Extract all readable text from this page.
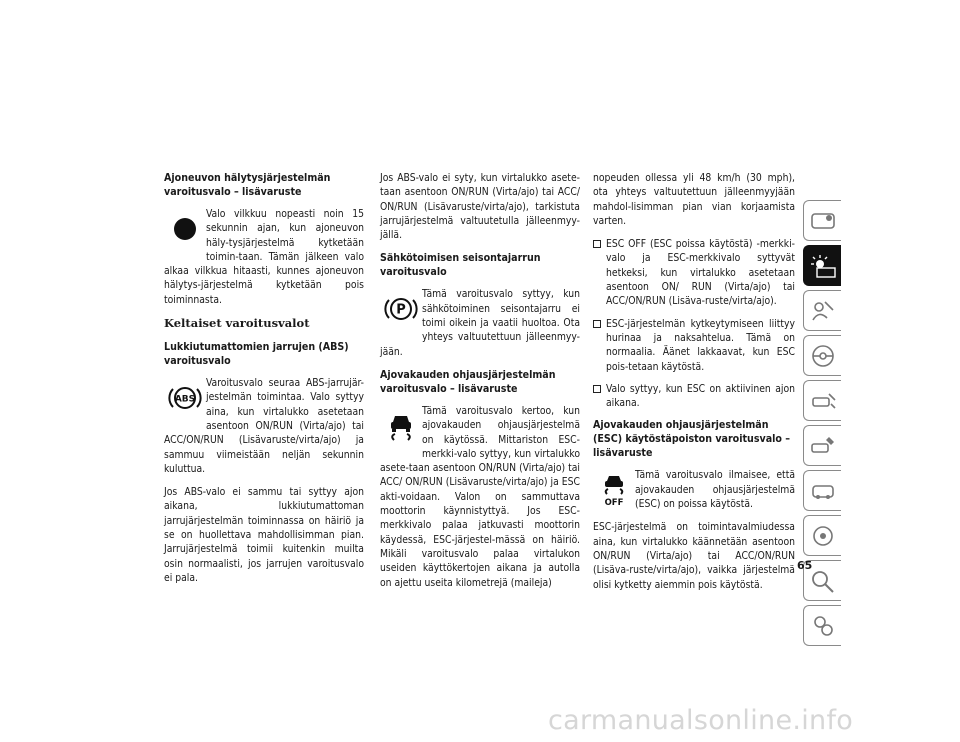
Ajoneuvon hälytysjärjestelmän varoitusvalo – lisävaruste

Valo vilkkuu nopeasti noin 15 sekunnin ajan, kun ajoneuvon häly-tysjärjestelmä kytketään toimin-taan. Tämän jälkeen valo alkaa vilkkua hitaasti, kunnes ajoneuvon hälytys-järjestelmä kytketään pois toiminnasta.

Keltaiset varoitusvalot
Lukkiutumattomien jarrujen (ABS) varoitusvalo
ABS

Varoitusvalo seuraa ABS-jarrujär-jestelmän toimintaa. Valo syttyy aina, kun virtalukko asetetaan asentoon ON/RUN (Virta/ajo) tai ACC/ON/RUN (Lisävaruste/virta/ajo) ja sammuu viimeistään neljän sekunnin kuluttua.

Jos ABS-valo ei sammu tai syttyy ajon aikana, lukkiutumattoman jarrujärjestelmän toiminnassa on häiriö ja se on huollettava mahdollisimman pian. Jarrujärjestelmä toimii kuitenkin muilta osin normaalisti, jos jarrujen varoitusvalo ei pala.

Jos ABS-valo ei syty, kun virtalukko asete-taan asentoon ON/RUN (Virta/ajo) tai ACC/ ON/RUN (Lisävaruste/virta/ajo), tarkistuta jarrujärjestelmä valtuutetulla jälleenmyy-jällä.

Sähkötoimisen seisontajarrun varoitusvalo
P

Tämä varoitusvalo syttyy, kun sähkötoiminen seisontajarru ei toimi oikein ja vaatii huoltoa. Ota yhteys valtuutettuun jälleenmyy-jään.

Ajovakauden ohjausjärjestelmän varoitusvalo – lisävaruste

Tämä varoitusvalo kertoo, kun ajovakauden ohjausjärjestelmä on käytössä. Mittariston ESC-merkki-valo syttyy, kun virtalukko asete-taan asentoon ON/RUN (Virta/ajo) tai ACC/ ON/RUN (Lisävaruste/virta/ajo) ja ESC akti-voidaan. Valon on sammuttava moottorin käynnistyttyä. Jos ESC-merkkivalo palaa jatkuvasti moottorin käydessä, ESC-järjestel-mässä on häiriö. Mikäli varoitusvalo palaa virtalukon useiden käyttökertojen aikana ja autolla on ajettu useita kilometrejä (maileja)

nopeuden ollessa yli 48 km/h (30 mph), ota yhteys valtuutettuun jälleenmyyjään mahdol-lisimman pian vian korjaamista varten.

ESC OFF (ESC poissa käytöstä) -merkki-valo ja ESC-merkkivalo syttyvät hetkeksi, kun virtalukko asetetaan asentoon ON/ RUN (Virta/ajo) tai ACC/ON/RUN (Lisäva-ruste/virta/ajo).
ESC-järjestelmän kytkeytymiseen liittyy hurinaa ja naksahtelua. Tämä on normaalia. Äänet lakkaavat, kun ESC pois-tetaan käytöstä.
Valo syttyy, kun ESC on aktiivinen ajon aikana.
Ajovakauden ohjausjärjestelmän (ESC) käytöstäpoiston varoitusvalo – lisävaruste
OFF

Tämä varoitusvalo ilmaisee, että ajovakauden ohjausjärjestelmä (ESC) on poissa käytöstä.

ESC-järjestelmä on toimintavalmiudessa aina, kun virtalukko käännetään asentoon ON/RUN (Virta/ajo) tai ACC/ON/RUN (Lisäva-ruste/virta/ajo), vaikka järjestelmä olisi kytketty aiemmin pois käytöstä.

65
carmanualsonline.info
